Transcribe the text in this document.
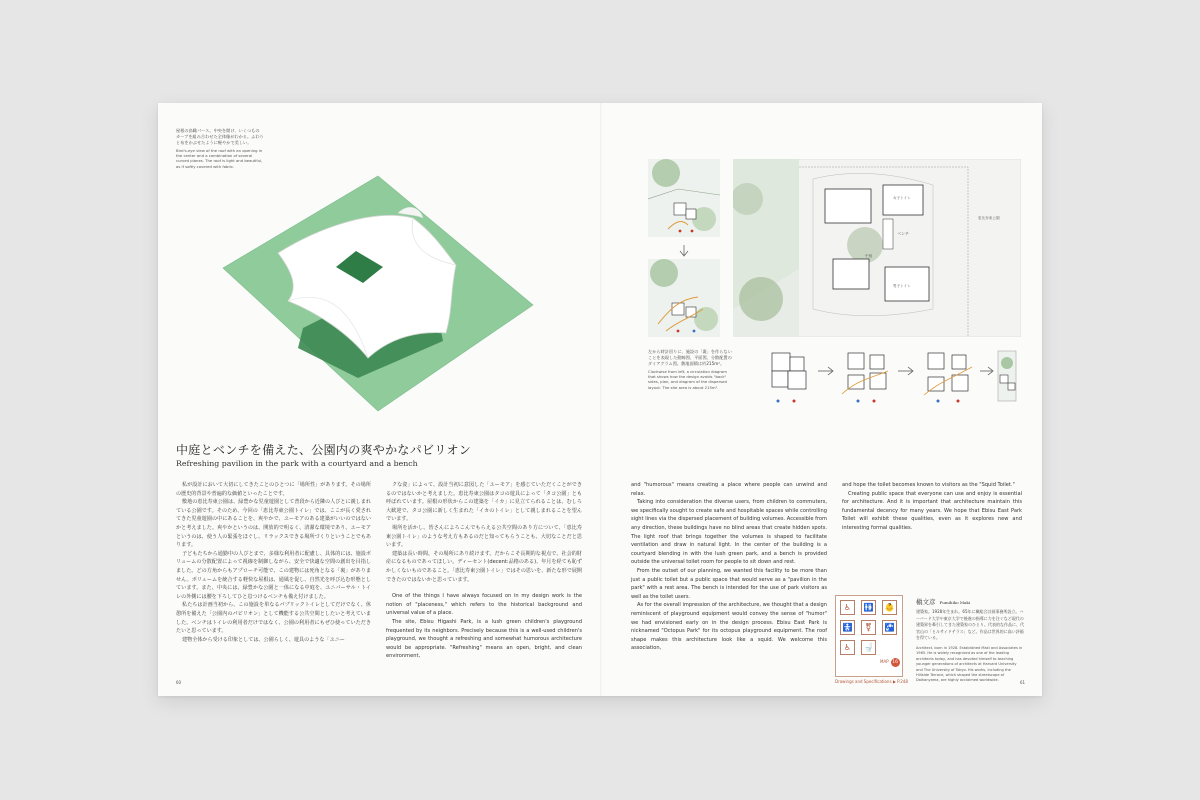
屋根の鳥瞰パース。中央を開け、いくつもの カーブを組み合わせた全体像がわかる。ふわりと布をかぶせたように軽やかで美しい。
Bird's-eye view of the roof with an opening in the center and a combination of several curved planes. The roof is light and beautiful, as if softly covered with fabric.
中庭とベンチを備えた、公園内の爽やかなパビリオン
Refreshing pavilion in the park with a courtyard and a bench

私が設計において大切にしてきたことのひとつに「場所性」があります。その場所の歴史的背景や普遍的な価値といったことです。

敷地の恵比寿東公園は、緑豊かな児童遊園として普段から近隣の人びとに親しまれている公園です。そのため、今回の「恵比寿東公園トイレ」では、ここが長く愛されてきた児童遊園の中にあることを、爽やかで、ユーモアのある建築がいいのではないかと考えました。爽やかというのは、開放的で明るく、清潔な環境であり、ユーモアというのは、使う人の緊張をほぐし、リラックスできる場所づくりということでもあります。

子どもたちから通勤中の人びとまで、多様な利用者に配慮し、具体的には、施設ボリュームの分散配置によって視線を制御しながら、安全で快適な空間の創出を目指しました。どの方角からもアプローチ可能で、この建物には死角となる「裏」がありません。ボリュームを統合する軽快な屋根は、通風を促し、自然光を呼び込む形態としています。また、中央には、緑豊かな公園と一体になる中庭を、ユニバーサル・トイレの外側には腰を下ろしてひと息つけるベンチも備え付けました。

私たちは計画当初から、この施設を単なるパブリックトイレとしてだけでなく、休憩所を備えた「公園内のパビリオン」として機能する公共空間としたいと考えていました。ベンチはトイレの利用者だけではなく、公園の利用者にもぜひ使っていただきたいと思っています。

建物全体から受ける印象としては、公園らしく、遊具のような「ユニー

クな姿」によって、設計当初に意図した「ユーモア」を感じていただくことができるのではないかと考えました。恵比寿東公園はタコの遊具によって「タコ公園」とも呼ばれています。屋根の形状からこの建築を「イカ」に見立てられることは、むしろ大歓迎で、タコ公園に新しく生まれた「イカのトイレ」として親しまれることを望んでいます。

場所を活かし、皆さんによろこんでもらえる公共空間のあり方について、「恵比寿東公園トイレ」のような考え方もあるのだと知ってもらうことも、大切なことだと思います。

建築は長い時間、その場所にあり続けます。だからこそ長期的な視点で、社会的財産になるものであってほしい。ディーセント(decent:品格のある)、年月を経ても恥ずかしくないものであること。「恵比寿東公園トイレ」ではその思いを、新たな形で展開できたのではないかと思っています。

One of the things I have always focused on in my design work is the notion of "placeness," which refers to the historical background and universal value of a place.

The site, Ebisu Higashi Park, is a lush green children's playground frequented by its neighbors. Precisely because this is a well-used children's playground, we thought a refreshing and somewhat humorous architecture would be appropriate. "Refreshing" means an open, bright, and clean environment,

60
ベンチ
女子トイレ
男子トイレ
中庭
恵比寿東公園
左から時計回りに、施設の「裏」を作らないことを表現した動線図、平面図、分散配置のダイアグラム図。敷地面積は約215m²。
Clockwise from left, a circulation diagram that shows how the design avoids "back" sides, plan, and diagram of the dispersed layout. The site area is about 215m².

and "humorous" means creating a place where people can unwind and relax.

Taking into consideration the diverse users, from children to commuters, we specifically sought to create safe and hospitable spaces while controlling sight lines via the dispersed placement of building volumes. Accessible from any direction, these buildings have no blind areas that create hidden spots. The light roof that brings together the volumes is shaped to facilitate ventilation and draw in natural light. In the center of the building is a courtyard blending in with the lush green park, and a bench is provided outside the universal toilet room for people to sit down and rest.

From the outset of our planning, we wanted this facility to be more than just a public toilet but a public space that would serve as a "pavilion in the park" with a rest area. The bench is intended for the use of park visitors as well as the toilet users.

As for the overall impression of the architecture, we thought that a design reminiscent of playground equipment would convey the sense of "humor" we had envisioned early on in the design process. Ebisu East Park is nicknamed "Octopus Park" for its octopus playground equipment. The roof shape makes this architecture look like a squid. We welcome this association,

and hope the toilet becomes known to visitors as the "Squid Toilet."

Creating public space that everyone can use and enjoy is essential for architecture. And it is important that architecture maintain this fundamental decency for many years. We hope that Ebisu East Park Toilet will exhibit these qualities, even as it explores new and interesting formal qualities.

♿	🚻	👶
🚼	⚧	🚰
♿	🚽
MAP 16
Drawings and Specifications ▶ P.248
槇文彦 Fumihiko Maki
建築家。1928年生まれ。65年に槇総合計画事務所設立。ハーバード大学や東京大学で後進の指導に力を注ぐなど現代の建築界を牽引してきた建築家のひとり。代表的な作品に、代官山の「ヒルサイドテラス」など。作品は世界的に高い評価を得ている。
Architect, born in 1928. Established Maki and Associates in 1965. He is widely recognized as one of the leading architects today, and has devoted himself to teaching younger generations of architects at Harvard University and The University of Tokyo. His works, including the Hillside Terrace, which shaped the streetscape of Daikanyama, are highly acclaimed worldwide.	61
